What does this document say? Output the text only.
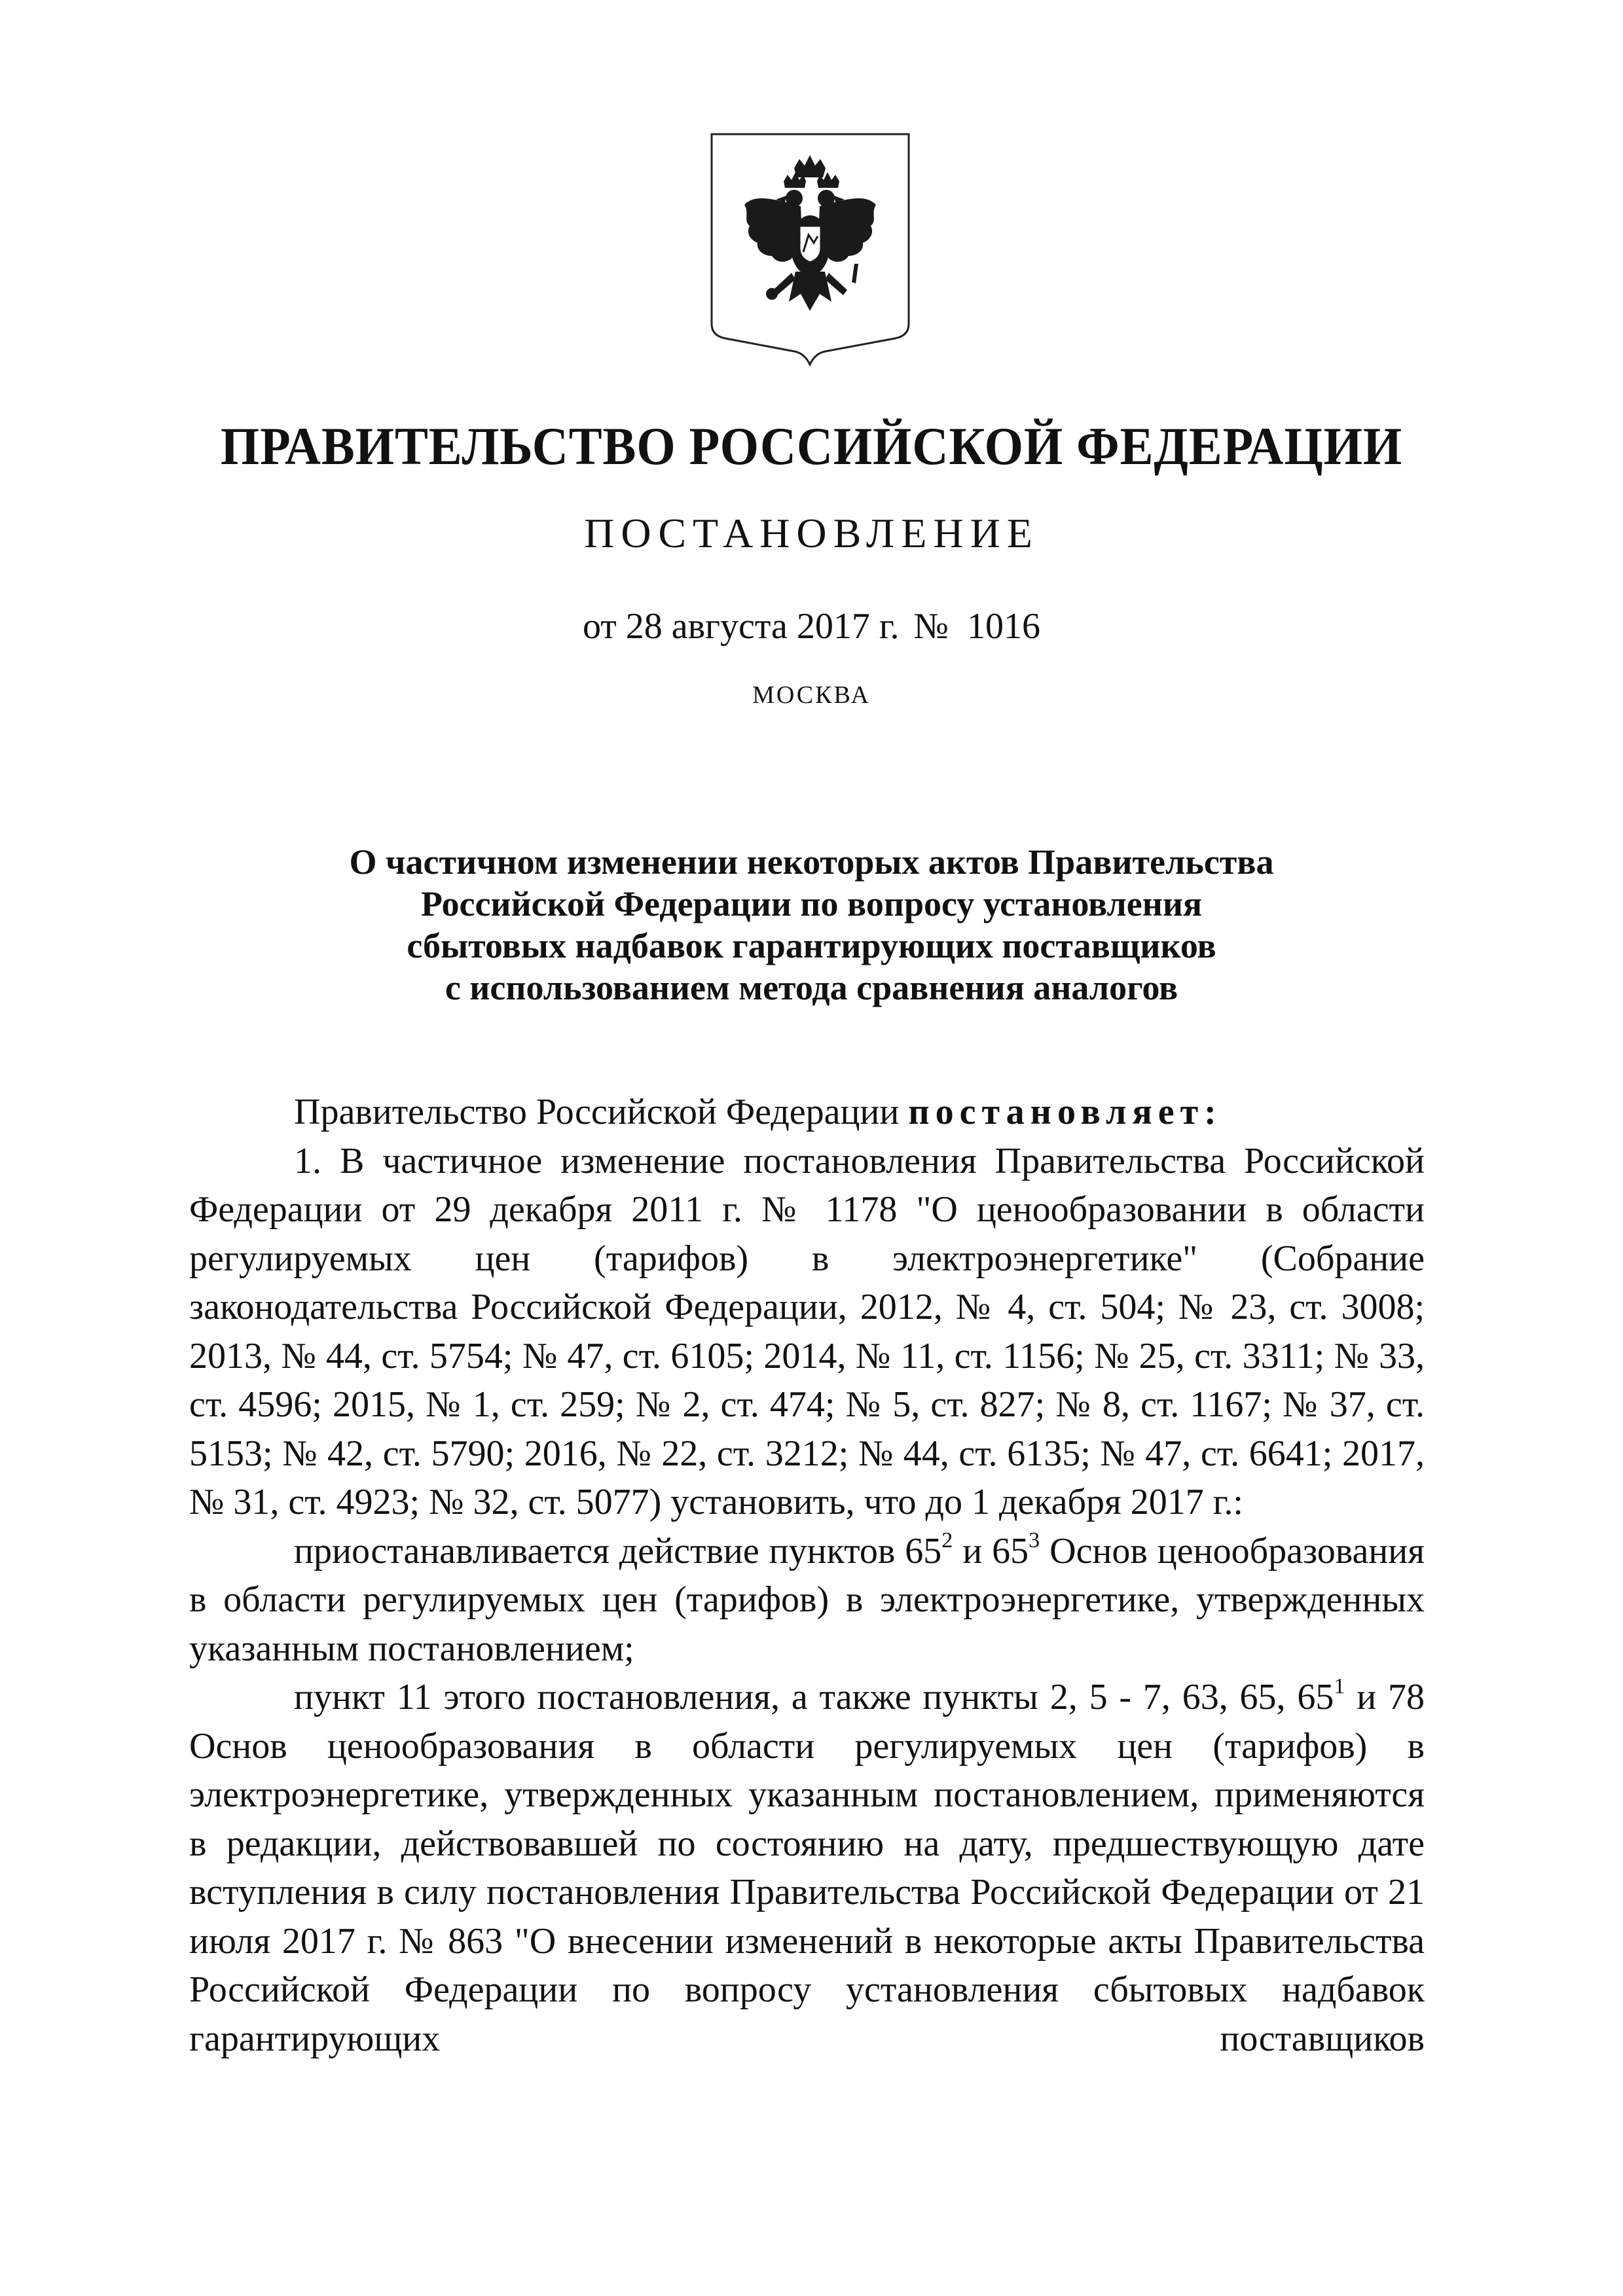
ПРАВИТЕЛЬСТВО РОССИЙСКОЙ ФЕДЕРАЦИИ
ПОСТАНОВЛЕНИЕ
от 28 августа 2017 г. № 1016
МОСКВА
О частичном изменении некоторых актов Правительства
Российской Федерации по вопросу установления
сбытовых надбавок гарантирующих поставщиков
с использованием метода сравнения аналогов

Правительство Российской Федерации постановляет:

1. В частичное изменение постановления Правительства Российской Федерации от 29 декабря 2011 г. № 1178 "О ценообразовании в области регулируемых цен (тарифов) в электроэнергетике" (Собрание законодательства Российской Федерации, 2012, № 4, ст. 504; № 23, ст. 3008; 2013, № 44, ст. 5754; № 47, ст. 6105; 2014, № 11, ст. 1156; № 25, ст. 3311; № 33, ст. 4596; 2015, № 1, ст. 259; № 2, ст. 474; № 5, ст. 827; № 8, ст. 1167; № 37, ст. 5153; № 42, ст. 5790; 2016, № 22, ст. 3212; № 44, ст. 6135; № 47, ст. 6641; 2017, № 31, ст. 4923; № 32, ст. 5077) установить, что до 1 декабря 2017 г.:

приостанавливается действие пунктов $65^2$ и $65^3$ Основ ценообразования в области регулируемых цен (тарифов) в электроэнергетике, утвержденных указанным постановлением;

пункт 11 этого постановления, а также пункты 2, 5 - 7, 63, 65, $65^1$ и 78 Основ ценообразования в области регулируемых цен (тарифов) в электроэнергетике, утвержденных указанным постановлением, применяются в редакции, действовавшей по состоянию на дату, предшествующую дате вступления в силу постановления Правительства Российской Федерации от 21 июля 2017 г. № 863 "О внесении изменений в некоторые акты Правительства Российской Федерации по вопросу установления сбытовых надбавок гарантирующих поставщиков
